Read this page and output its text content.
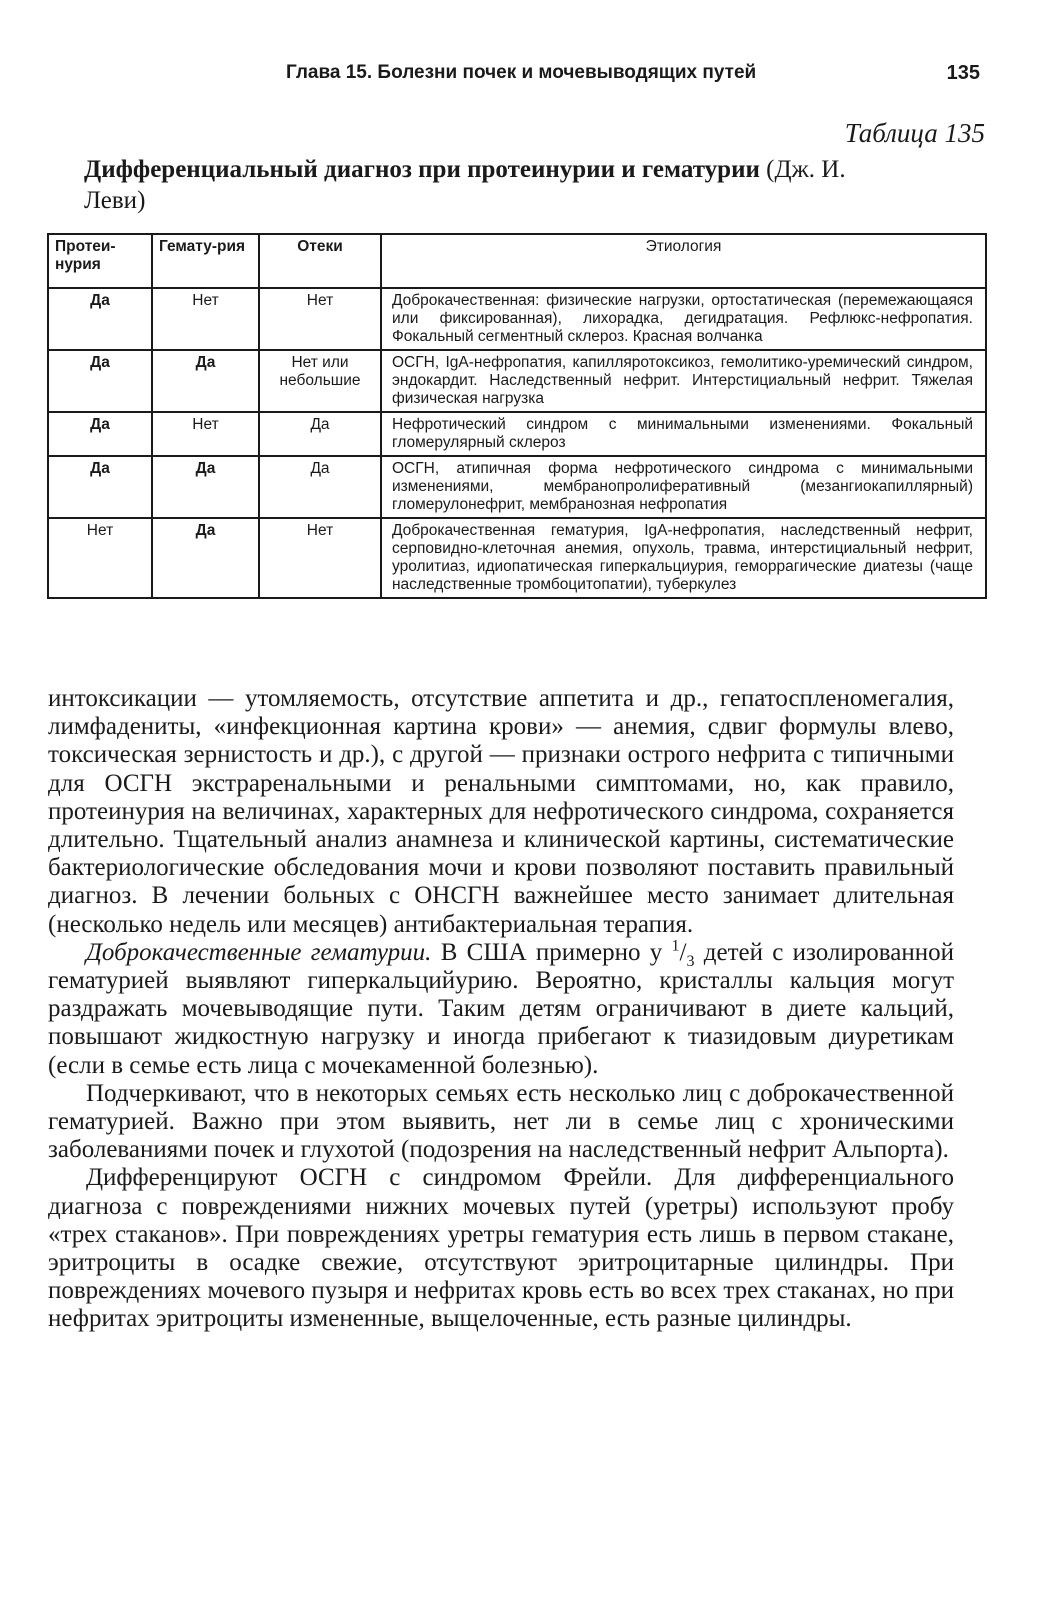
Глава 15. Болезни почек и мочевыводящих путей	135
Таблица 135
Дифференциальный диагноз при протеинурии и гематурии (Дж. И. Леви)
Протеи-нурия	Гемату-рия	Отеки	Этиология
Да	Нет	Нет	Доброкачественная: физические нагрузки, ортостатическая (перемежающаяся или фиксированная), лихорадка, дегидратация. Рефлюкс-нефропатия. Фокальный сегментный склероз. Красная волчанка
Да	Да	Нет или небольшие	ОСГН, IgA-нефропатия, капилляротоксикоз, гемолитико-уремический синдром, эндокардит. Наследственный нефрит. Интерстициальный нефрит. Тяжелая физическая нагрузка
Да	Нет	Да	Нефротический синдром с минимальными изменениями. Фокальный гломерулярный склероз
Да	Да	Да	ОСГН, атипичная форма нефротического синдрома с минимальными изменениями, мембранопролиферативный (мезангиокапиллярный) гломерулонефрит, мембранозная нефропатия
Нет	Да	Нет	Доброкачественная гематурия, IgA-нефропатия, наследственный нефрит, серповидно-клеточная анемия, опухоль, травма, интерстициальный нефрит, уролитиаз, идиопатическая гиперкальциурия, геморрагические диатезы (чаще наследственные тромбоцитопатии), туберкулез

интоксикации — утомляемость, отсутствие аппетита и др., гепатоспленомегалия, лимфадениты, «инфекционная картина крови» — анемия, сдвиг формулы влево, токсическая зернистость и др.), с другой — признаки острого нефрита с типичными для ОСГН экстраренальными и ренальными симптомами, но, как правило, протеинурия на величинах, характерных для нефротического синдрома, сохраняется длительно. Тщательный анализ анамнеза и клинической картины, систематические бактериологические обследования мочи и крови позволяют поставить правильный диагноз. В лечении больных с ОНСГН важнейшее место занимает длительная (несколько недель или месяцев) антибактериальная терапия.

Доброкачественные гематурии. В США примерно у $^1/_3$ детей с изолированной гематурией выявляют гиперкальцийурию. Вероятно, кристаллы кальция могут раздражать мочевыводящие пути. Таким детям ограничивают в диете кальций, повышают жидкостную нагрузку и иногда прибегают к тиазидовым диуретикам (если в семье есть лица с мочекаменной болезнью).

Подчеркивают, что в некоторых семьях есть несколько лиц с доброкачественной гематурией. Важно при этом выявить, нет ли в семье лиц с хроническими заболеваниями почек и глухотой (подозрения на наследственный нефрит Альпорта).

Дифференцируют ОСГН с синдромом Фрейли. Для дифференциального диагноза с повреждениями нижних мочевых путей (уретры) используют пробу «трех стаканов». При повреждениях уретры гематурия есть лишь в первом стакане, эритроциты в осадке свежие, отсутствуют эритроцитарные цилиндры. При повреждениях мочевого пузыря и нефритах кровь есть во всех трех стаканах, но при нефритах эритроциты измененные, выщелоченные, есть разные цилиндры.
